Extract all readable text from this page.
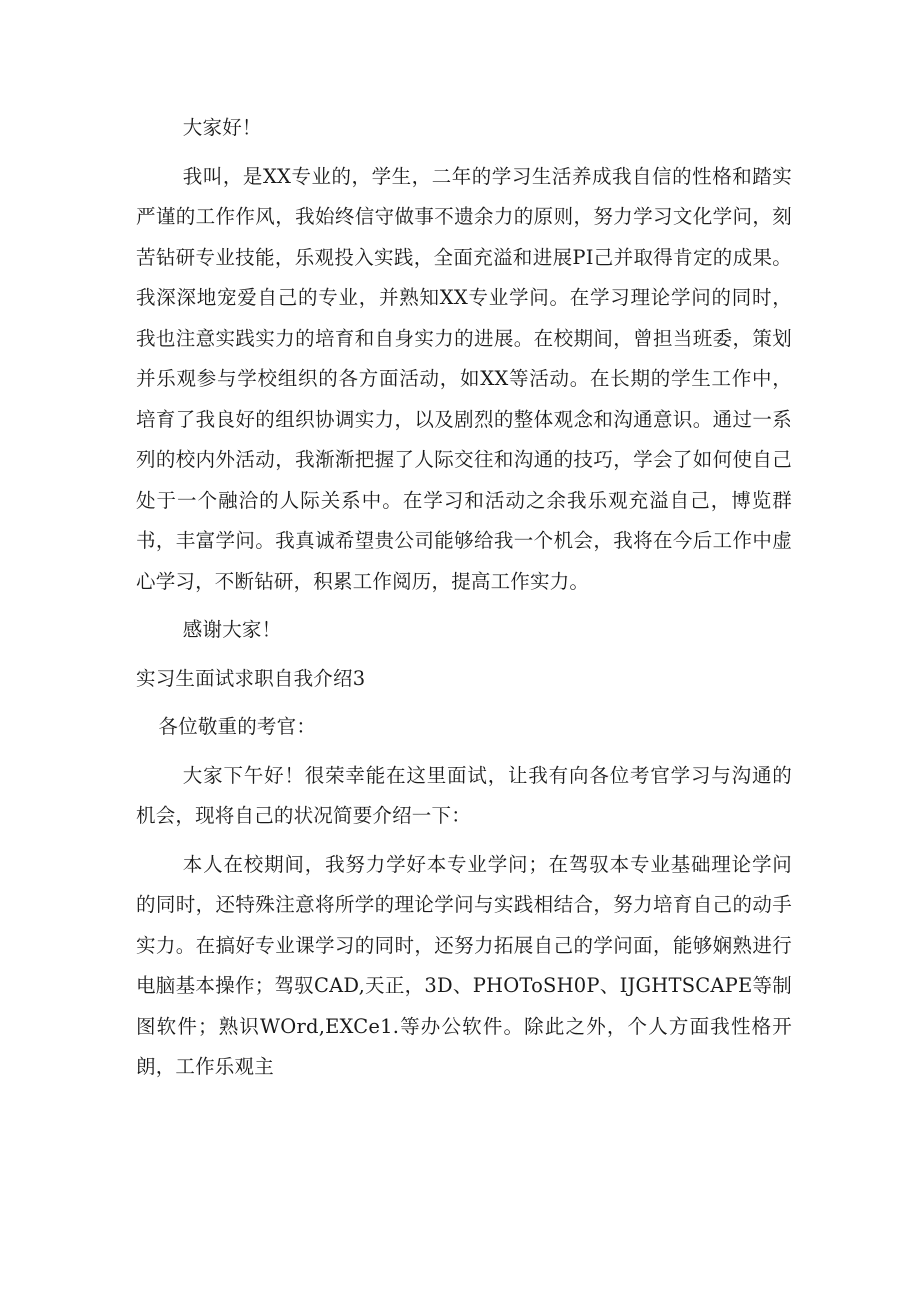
大家好！

我叫，是XX专业的，学生，二年的学习生活养成我自信的性格和踏实严谨的工作作风，我始终信守做事不遗余力的原则，努力学习文化学问，刻苦钻研专业技能，乐观投入实践，全面充溢和进展PI己并取得肯定的成果。我深深地宠爱自己的专业，并熟知XX专业学问。在学习理论学问的同时，我也注意实践实力的培育和自身实力的进展。在校期间，曾担当班委，策划并乐观参与学校组织的各方面活动，如XX等活动。在长期的学生工作中，培育了我良好的组织协调实力，以及剧烈的整体观念和沟通意识。通过一系列的校内外活动，我渐渐把握了人际交往和沟通的技巧，学会了如何使自己处于一个融洽的人际关系中。在学习和活动之余我乐观充溢自己，博览群书，丰富学问。我真诚希望贵公司能够给我一个机会，我将在今后工作中虚心学习，不断钻研，积累工作阅历，提高工作实力。

感谢大家！

实习生面试求职自我介绍3

各位敬重的考官：

大家下午好！很荣幸能在这里面试，让我有向各位考官学习与沟通的机会，现将自己的状况简要介绍一下：

本人在校期间，我努力学好本专业学问；在驾驭本专业基础理论学问的同时，还特殊注意将所学的理论学问与实践相结合，努力培育自己的动手实力。在搞好专业课学习的同时，还努力拓展自己的学问面，能够娴熟进行电脑基本操作；驾驭CAD,天正，3D、PHOToSH0P、IJGHTSCAPE等制图软件；熟识WOrd,EXCe1.等办公软件。除此之外，个人方面我性格开朗，工作乐观主
